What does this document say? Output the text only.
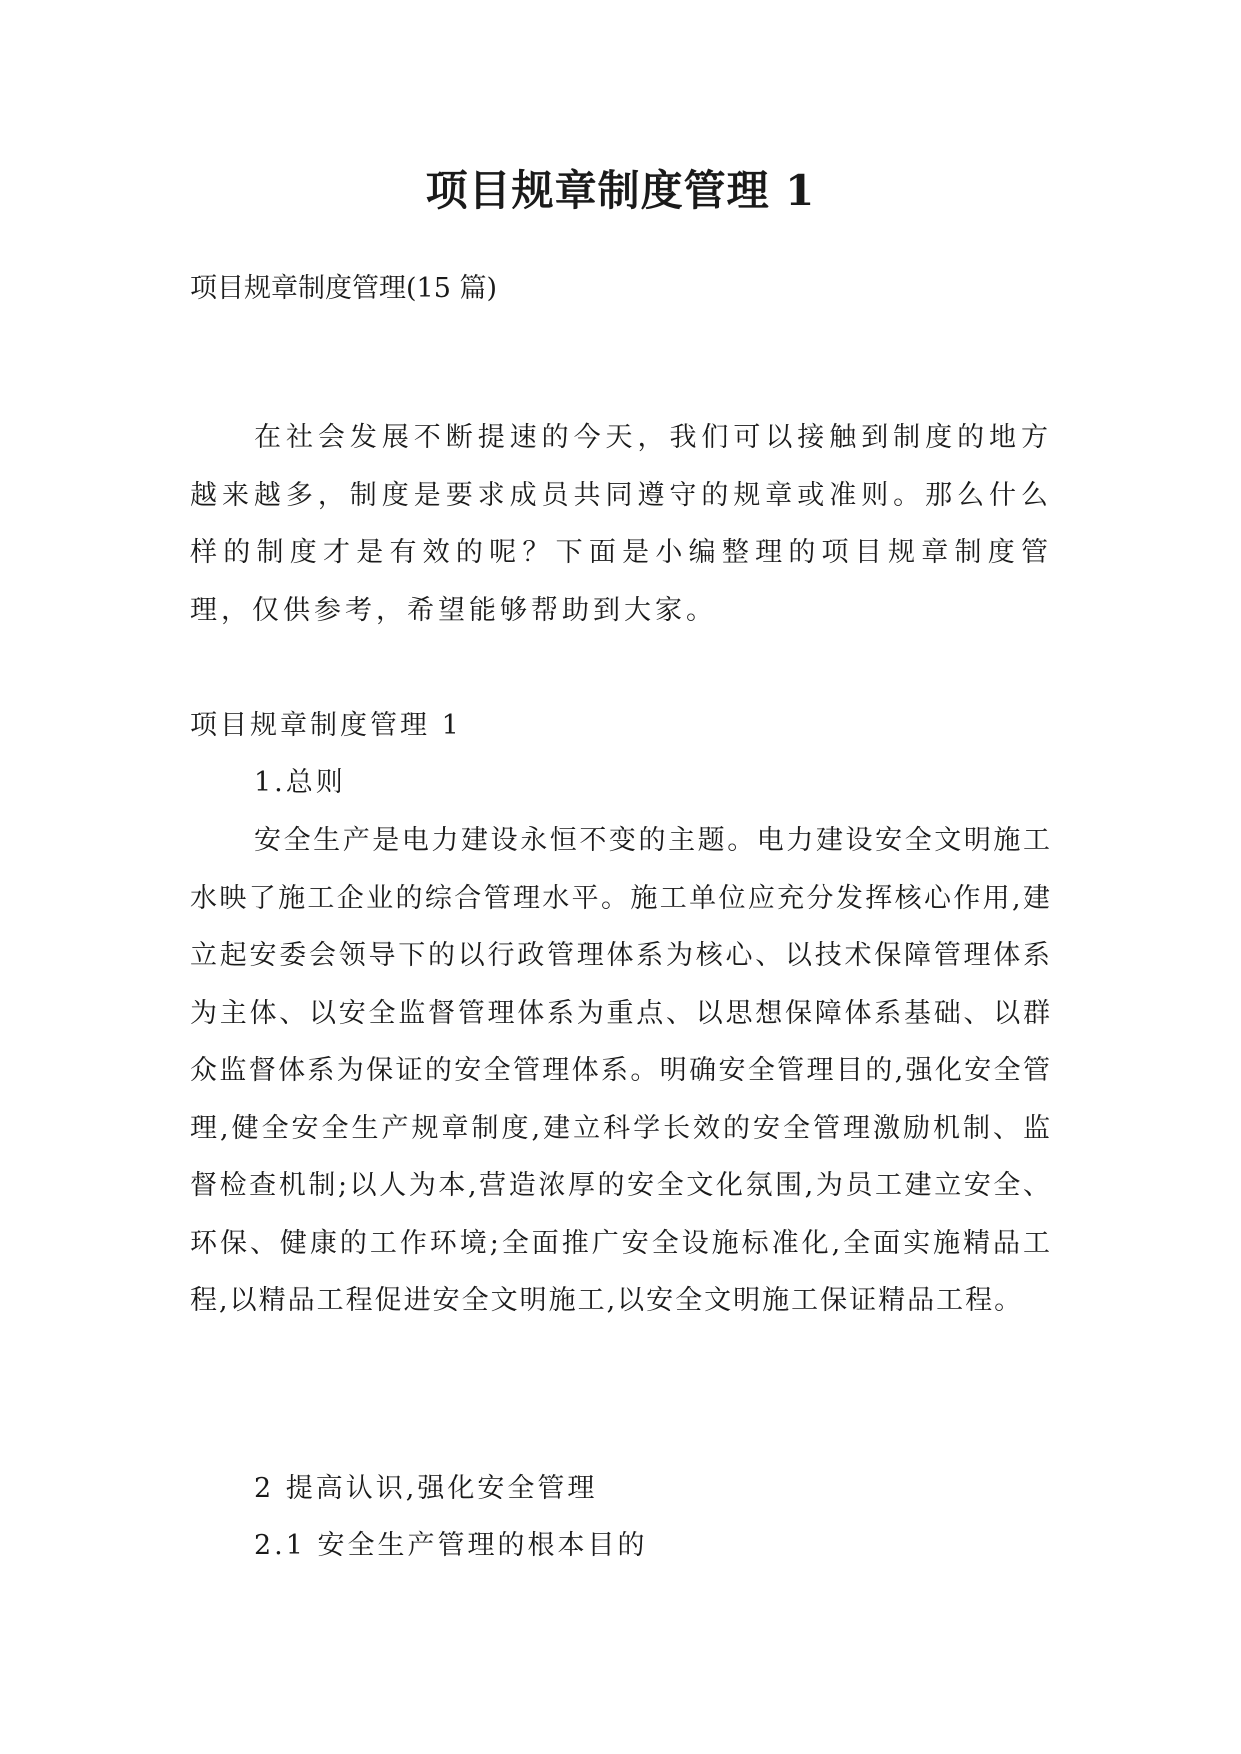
项目规章制度管理 1
项目规章制度管理(15 篇)
在社会发展不断提速的今天，我们可以接触到制度的地方越来越多，制度是要求成员共同遵守的规章或准则。那么什么样的制度才是有效的呢？下面是小编整理的项目规章制度管理，仅供参考，希望能够帮助到大家。
项目规章制度管理 1
1.总则
安全生产是电力建设永恒不变的主题。电力建设安全文明施工水映了施工企业的综合管理水平。施工单位应充分发挥核心作用,建立起安委会领导下的以行政管理体系为核心、以技术保障管理体系为主体、以安全监督管理体系为重点、以思想保障体系基础、以群众监督体系为保证的安全管理体系。明确安全管理目的,强化安全管理,健全安全生产规章制度,建立科学长效的安全管理激励机制、监督检查机制;以人为本,营造浓厚的安全文化氛围,为员工建立安全、环保、健康的工作环境;全面推广安全设施标准化,全面实施精品工程,以精品工程促进安全文明施工,以安全文明施工保证精品工程。
2 提高认识,强化安全管理
2.1 安全生产管理的根本目的
